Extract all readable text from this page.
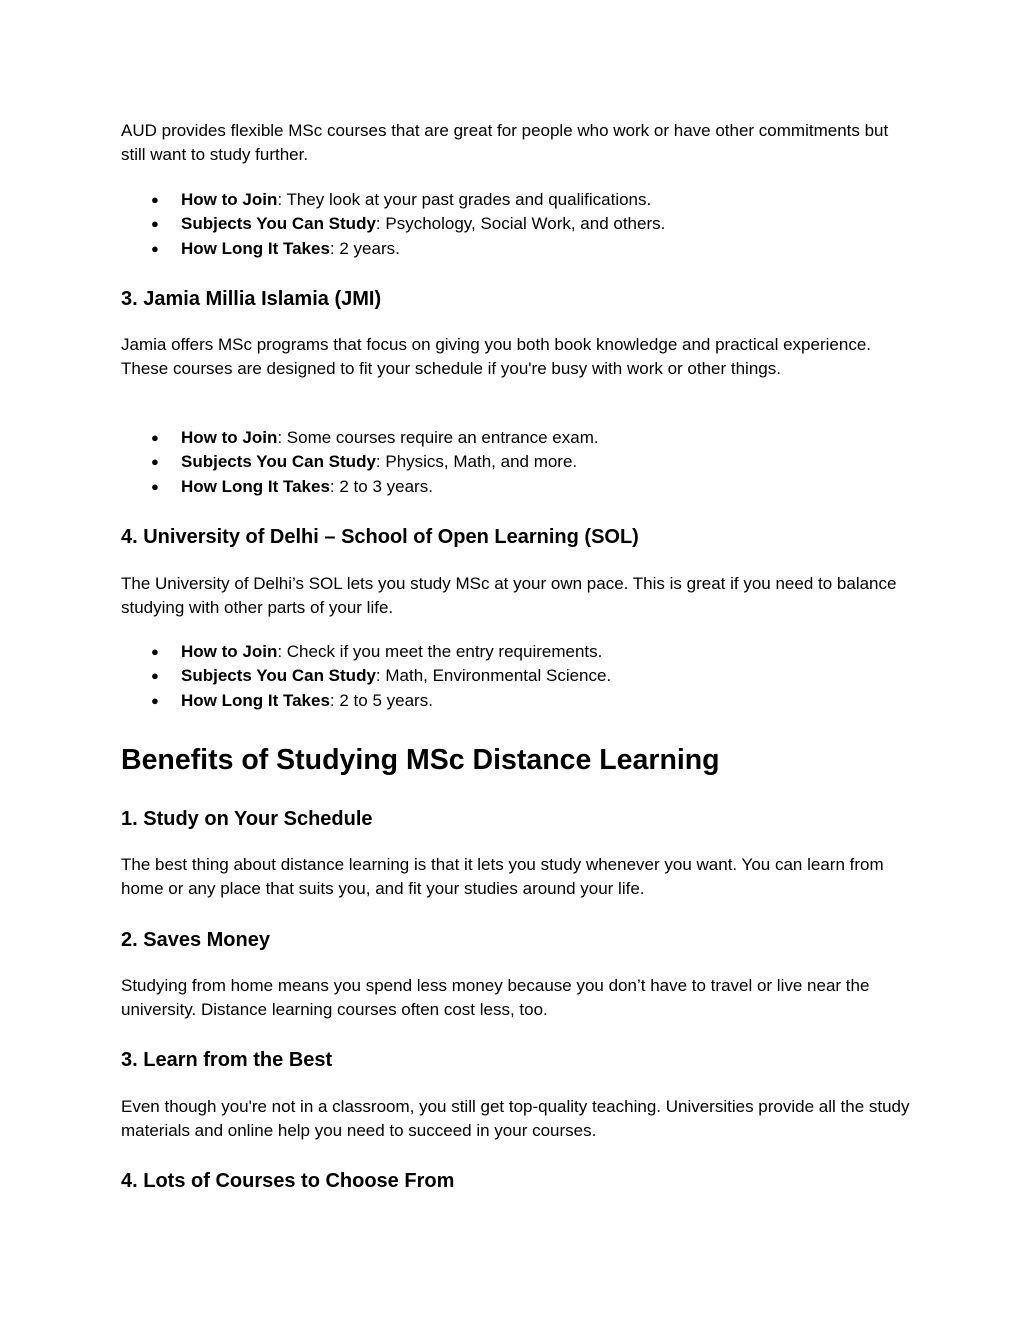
AUD provides flexible MSc courses that are great for people who work or have other commitments but still want to study further.

● How to Join: They look at your past grades and qualifications.
● Subjects You Can Study: Psychology, Social Work, and others.
● How Long It Takes: 2 years.
3. Jamia Millia Islamia (JMI)

Jamia offers MSc programs that focus on giving you both book knowledge and practical experience. These courses are designed to fit your schedule if you're busy with work or other things.

● How to Join: Some courses require an entrance exam.
● Subjects You Can Study: Physics, Math, and more.
● How Long It Takes: 2 to 3 years.
4. University of Delhi – School of Open Learning (SOL)

The University of Delhi’s SOL lets you study MSc at your own pace. This is great if you need to balance studying with other parts of your life.

● How to Join: Check if you meet the entry requirements.
● Subjects You Can Study: Math, Environmental Science.
● How Long It Takes: 2 to 5 years.
Benefits of Studying MSc Distance Learning
1. Study on Your Schedule

The best thing about distance learning is that it lets you study whenever you want. You can learn from home or any place that suits you, and fit your studies around your life.

2. Saves Money

Studying from home means you spend less money because you don’t have to travel or live near the university. Distance learning courses often cost less, too.

3. Learn from the Best

Even though you're not in a classroom, you still get top-quality teaching. Universities provide all the study materials and online help you need to succeed in your courses.

4. Lots of Courses to Choose From
